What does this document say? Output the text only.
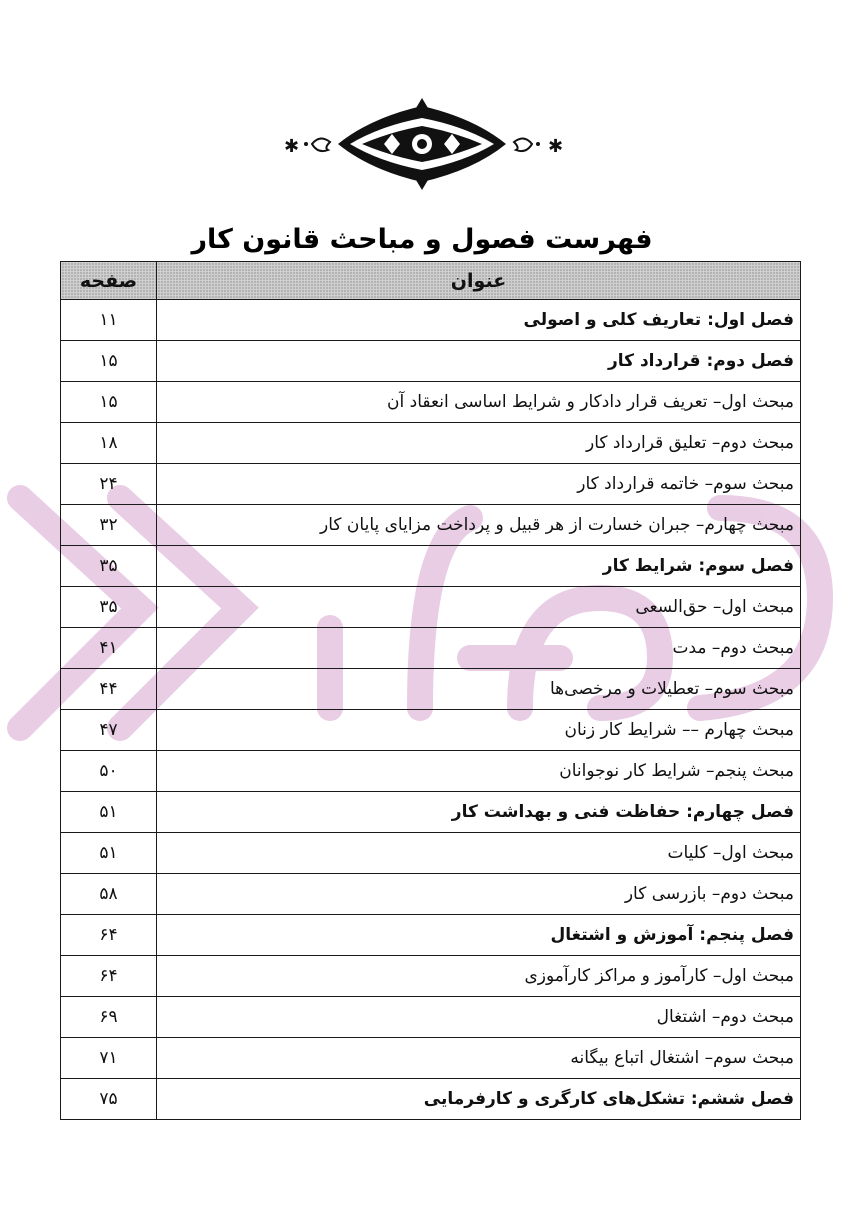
✱	✱
فهرست فصول و مباحث قانون کار
عنوان	صفحه
فصل اول: تعاریف کلی و اصولی	۱۱
فصل دوم: قرارداد کار	۱۵
مبحث اول– تعریف قرار دادکار و شرایط اساسی انعقاد آن	۱۵
مبحث دوم– تعلیق قرارداد کار	۱۸
مبحث سوم– خاتمه قرارداد کار	۲۴
مبحث چهارم– جبران خسارت از هر قبیل و پرداخت مزایای پایان کار	۳۲
فصل سوم: شرایط کار	۳۵
مبحث اول– حق‌السعی	۳۵
مبحث دوم– مدت	۴۱
مبحث سوم– تعطیلات و مرخصی‌ها	۴۴
مبحث چهارم –– شرایط کار زنان	۴۷
مبحث پنجم– شرایط کار نوجوانان	۵۰
فصل چهارم: حفاظت فنی و بهداشت کار	۵۱
مبحث اول– کلیات	۵۱
مبحث دوم– بازرسی کار	۵۸
فصل پنجم: آموزش و اشتغال	۶۴
مبحث اول– کارآموز و مراکز کارآموزی	۶۴
مبحث دوم– اشتغال	۶۹
مبحث سوم– اشتغال اتباع بیگانه	۷۱
فصل ششم: تشکل‌های کارگری و کارفرمایی	۷۵
